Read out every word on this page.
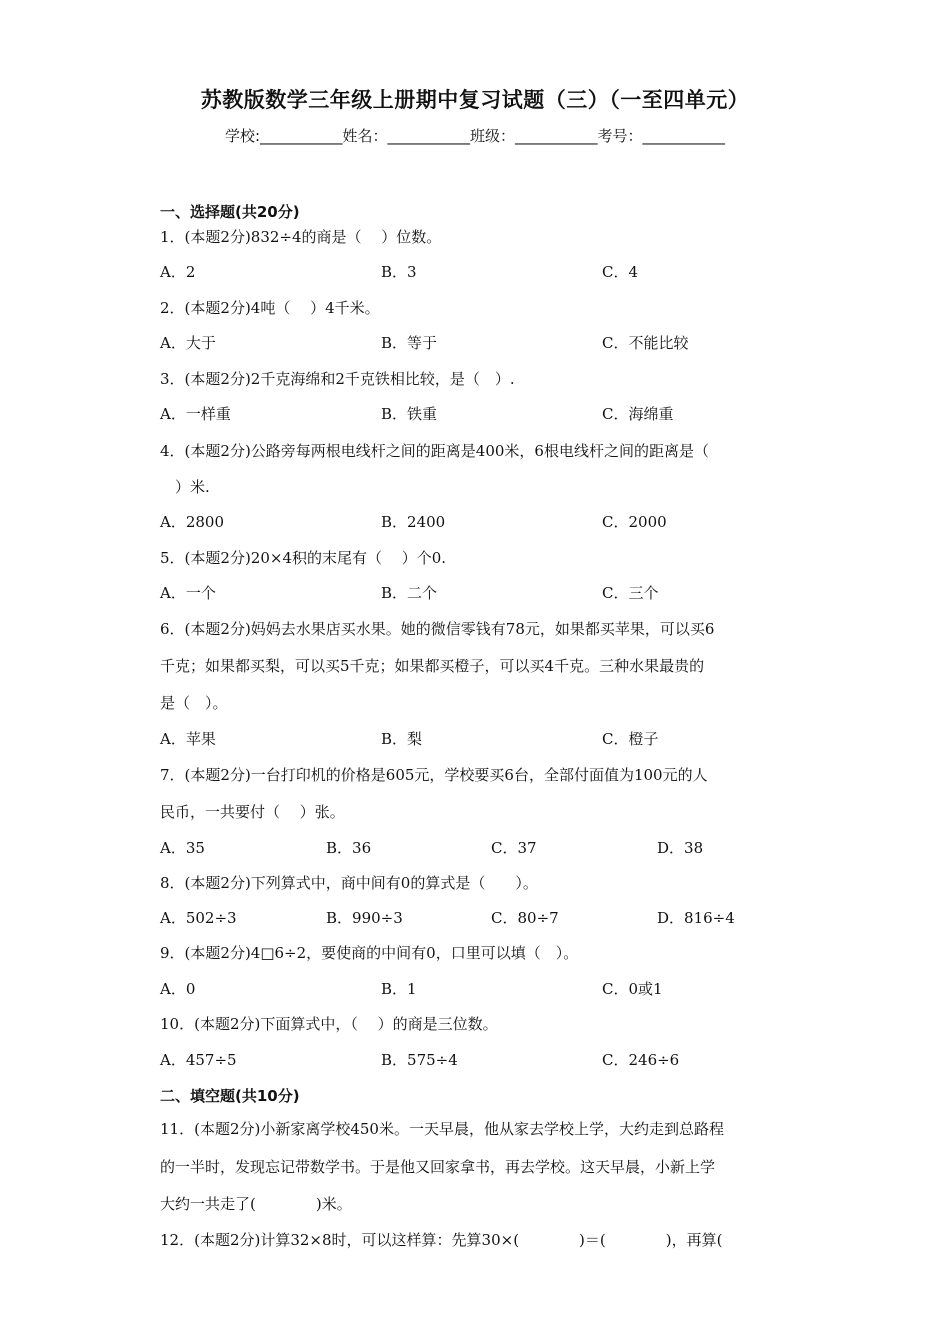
苏教版数学三年级上册期中复习试题（三）（一至四单元）
学校:___________姓名：___________班级：___________考号：___________
一、选择题(共20分)
1．(本题2分)832÷4的商是（　 ）位数。
A．2	B．3	C．4
2．(本题2分)4吨（　 ）4千米。
A．大于	B．等于	C．不能比较
3．(本题2分)2千克海绵和2千克铁相比较，是（　）.
A．一样重	B．铁重	C．海绵重
4．(本题2分)公路旁每两根电线杆之间的距离是400米，6根电线杆之间的距离是（
　）米.
A．2800	B．2400	C．2000
5．(本题2分)20×4积的末尾有（　 ）个0.
A．一个	B．二个	C．三个
6．(本题2分)妈妈去水果店买水果。她的微信零钱有78元，如果都买苹果，可以买6
千克；如果都买梨，可以买5千克；如果都买橙子，可以买4千克。三种水果最贵的
是（　）。
A．苹果	B．梨	C．橙子
7．(本题2分)一台打印机的价格是605元，学校要买6台，全部付面值为100元的人
民币，一共要付（　 ）张。
A．35	B．36	C．37	D．38
8．(本题2分)下列算式中，商中间有0的算式是（　　）。
A．502÷3	B．990÷3	C．80÷7	D．816÷4
9．(本题2分)4□6÷2，要使商的中间有0，口里可以填（　）。
A．0	B．1	C．0或1
10．(本题2分)下面算式中，（　 ）的商是三位数。
A．457÷5	B．575÷4	C．246÷6
二、填空题(共10分)
11．(本题2分)小新家离学校450米。一天早晨，他从家去学校上学，大约走到总路程
的一半时，发现忘记带数学书。于是他又回家拿书，再去学校。这天早晨，小新上学
大约一共走了(　　　　)米。
12．(本题2分)计算32×8时，可以这样算：先算30×(　　　　)＝(　　　　)，再算(
